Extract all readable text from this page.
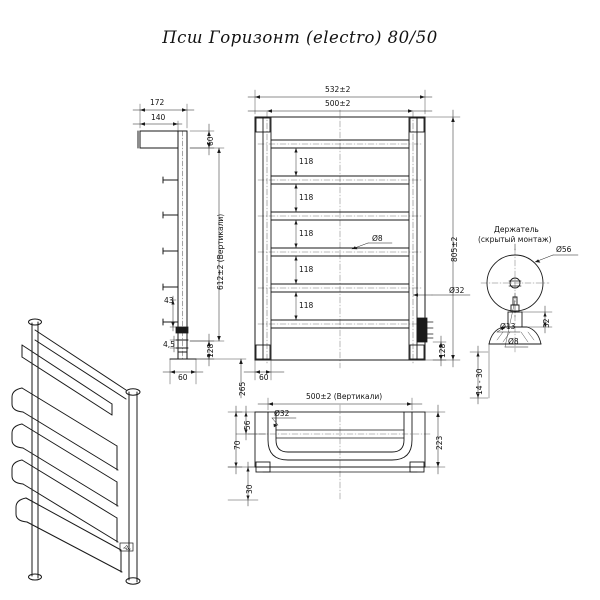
Псш Горизонт (electro) 80/50
Дн
172
140
60
612±2 (Вертикали)
43
4,5	128
60
265
532±2
500±2
805±2
118
118
118
118
118
Ø8
Ø32
128
60
500±2 (Вертикали)
Ø32
223
56
70
30
Держатель
(скрытый монтаж)
Ø56
Ø13
Ø8
32
14 - 30
